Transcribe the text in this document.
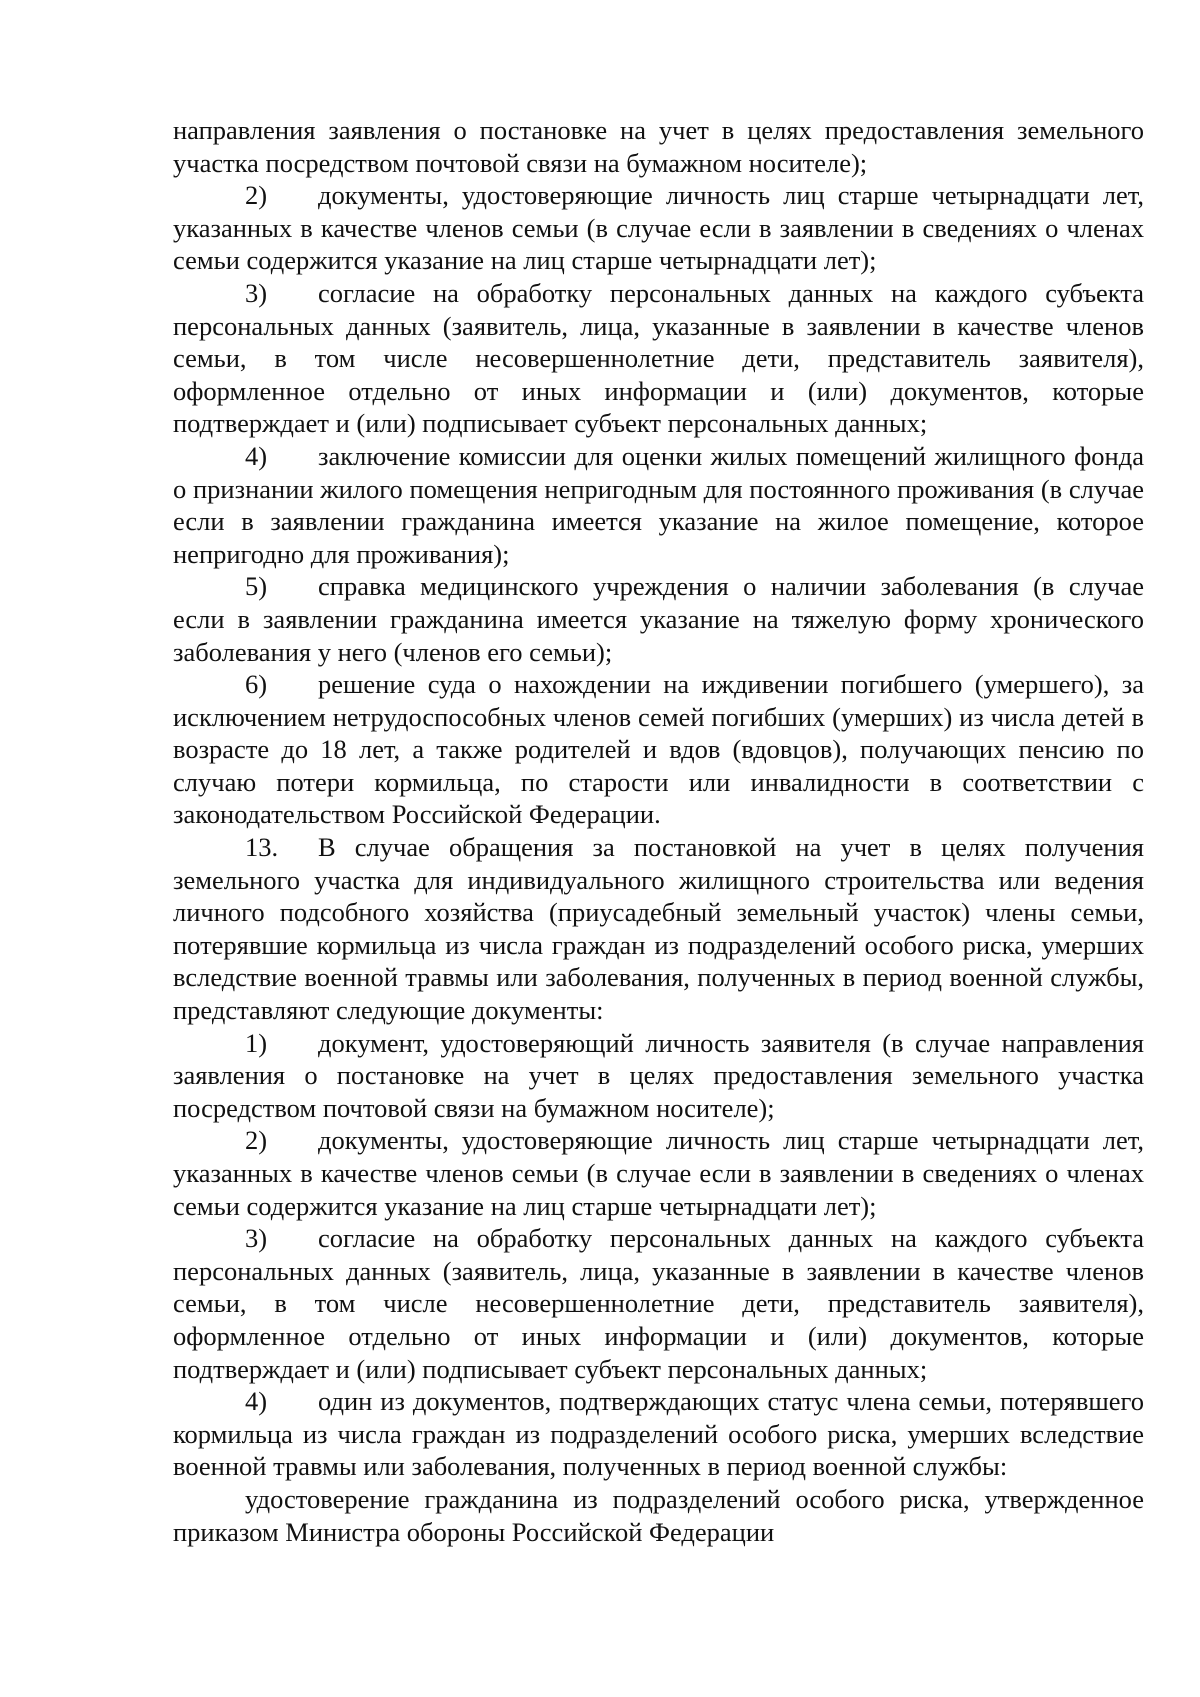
направления заявления о постановке на учет в целях предоставления земельного участка посредством почтовой связи на бумажном носителе);

2) документы, удостоверяющие личность лиц старше четырнадцати лет, указанных в качестве членов семьи (в случае если в заявлении в сведениях о членах семьи содержится указание на лиц старше четырнадцати лет);

3) согласие на обработку персональных данных на каждого субъекта персональных данных (заявитель, лица, указанные в заявлении в качестве членов семьи, в том числе несовершеннолетние дети, представитель заявителя), оформленное отдельно от иных информации и (или) документов, которые подтверждает и (или) подписывает субъект персональных данных;

4) заключение комиссии для оценки жилых помещений жилищного фонда о признании жилого помещения непригодным для постоянного проживания (в случае если в заявлении гражданина имеется указание на жилое помещение, которое непригодно для проживания);

5) справка медицинского учреждения о наличии заболевания (в случае если в заявлении гражданина имеется указание на тяжелую форму хронического заболевания у него (членов его семьи);

6) решение суда о нахождении на иждивении погибшего (умершего), за исключением нетрудоспособных членов семей погибших (умерших) из числа детей в возрасте до 18 лет, а также родителей и вдов (вдовцов), получающих пенсию по случаю потери кормильца, по старости или инвалидности в соответствии с законодательством Российской Федерации.

13. В случае обращения за постановкой на учет в целях получения земельного участка для индивидуального жилищного строительства или ведения личного подсобного хозяйства (приусадебный земельный участок) члены семьи, потерявшие кормильца из числа граждан из подразделений особого риска, умерших вследствие военной травмы или заболевания, полученных в период военной службы, представляют следующие документы:

1) документ, удостоверяющий личность заявителя (в случае направления заявления о постановке на учет в целях предоставления земельного участка посредством почтовой связи на бумажном носителе);

2) документы, удостоверяющие личность лиц старше четырнадцати лет, указанных в качестве членов семьи (в случае если в заявлении в сведениях о членах семьи содержится указание на лиц старше четырнадцати лет);

3) согласие на обработку персональных данных на каждого субъекта персональных данных (заявитель, лица, указанные в заявлении в качестве членов семьи, в том числе несовершеннолетние дети, представитель заявителя), оформленное отдельно от иных информации и (или) документов, которые подтверждает и (или) подписывает субъект персональных данных;

4) один из документов, подтверждающих статус члена семьи, потерявшего кормильца из числа граждан из подразделений особого риска, умерших вследствие военной травмы или заболевания, полученных в период военной службы:

удостоверение гражданина из подразделений особого риска, утвержденное приказом Министра обороны Российской Федерации
